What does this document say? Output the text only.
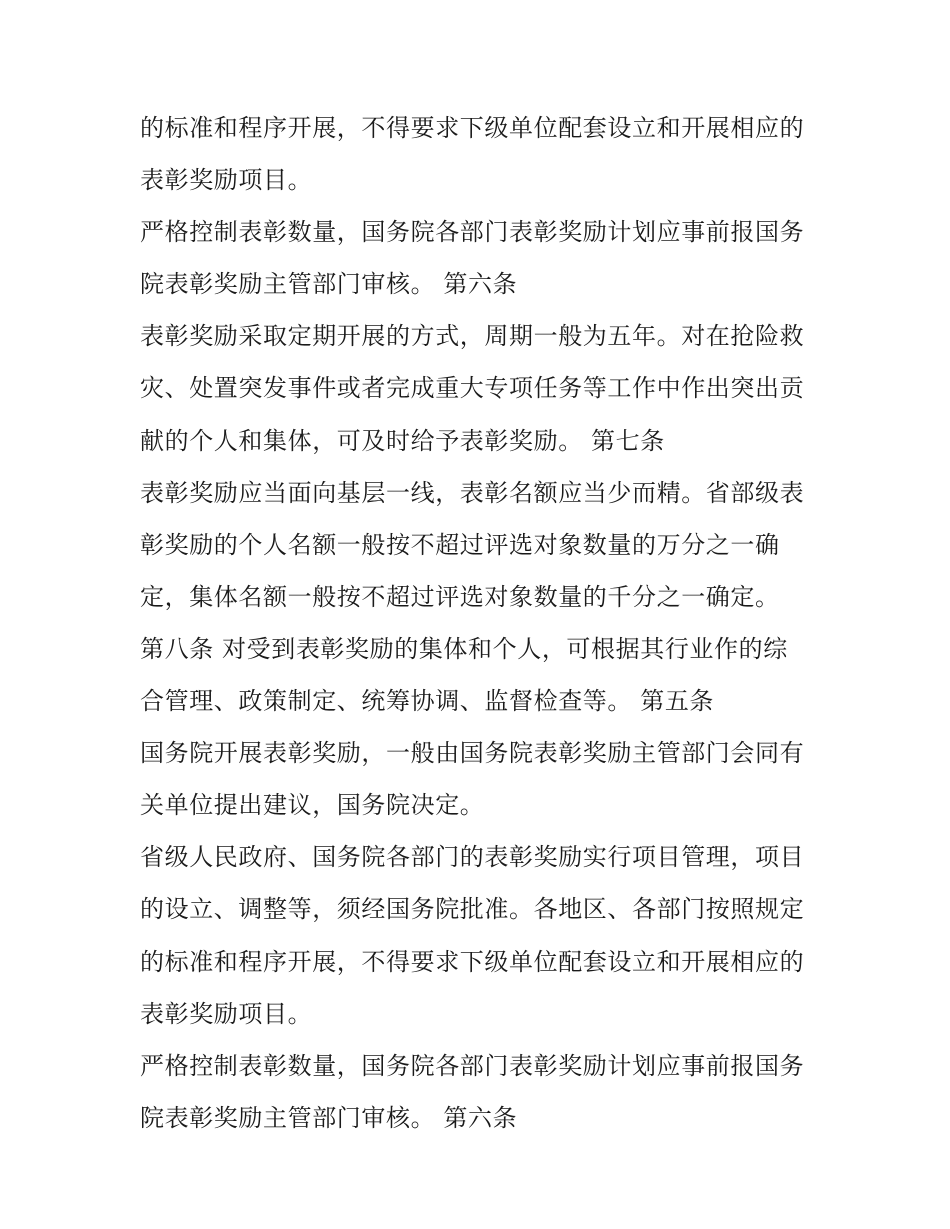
的标准和程序开展，不得要求下级单位配套设立和开展相应的
表彰奖励项目。
严格控制表彰数量，国务院各部门表彰奖励计划应事前报国务
院表彰奖励主管部门审核。 第六条
表彰奖励采取定期开展的方式，周期一般为五年。对在抢险救
灾、处置突发事件或者完成重大专项任务等工作中作出突出贡
献的个人和集体，可及时给予表彰奖励。 第七条
表彰奖励应当面向基层一线，表彰名额应当少而精。省部级表
彰奖励的个人名额一般按不超过评选对象数量的万分之一确
定，集体名额一般按不超过评选对象数量的千分之一确定。
第八条 对受到表彰奖励的集体和个人，可根据其行业作的综
合管理、政策制定、统筹协调、监督检查等。 第五条
国务院开展表彰奖励，一般由国务院表彰奖励主管部门会同有
关单位提出建议，国务院决定。
省级人民政府、国务院各部门的表彰奖励实行项目管理，项目
的设立、调整等，须经国务院批准。各地区、各部门按照规定
的标准和程序开展，不得要求下级单位配套设立和开展相应的
表彰奖励项目。
严格控制表彰数量，国务院各部门表彰奖励计划应事前报国务
院表彰奖励主管部门审核。 第六条
